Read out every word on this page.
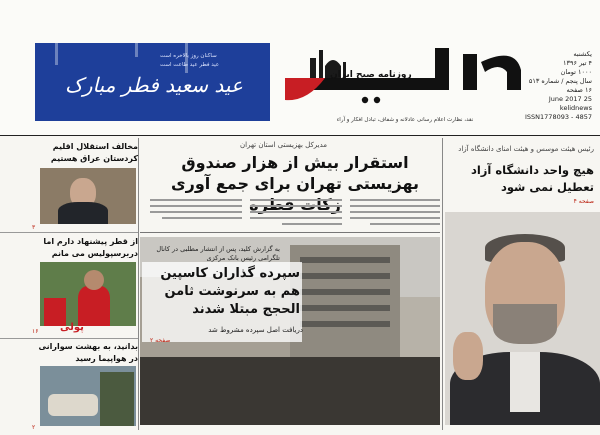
یکشنبه
۴ تیر ۱۳۹۶
۱۰۰۰ تومان
سال پنجم / شماره ۵۱۳
۱۶ صفحه
25 June 2017
kelidnews
ISSN1778093 - 4857
روزنامه صبح ایران
نقد، نظارت اعلام رسانی عادلانه و شفاف، تبادل افکار و آراء
ساکنان روز بالاخره است
عید فطر عید طاعت است
عید سعید فطر مبارک
مدیرکل بهزیستی استان تهران
استقرار بیش از هزار صندوق بهزیستی تهران برای جمع آوری
به گزارش کلید، پس از انتشار مطلبی در کانال تلگرامی رئیس بانک مرکزی
سپرده گذاران کاسپین هم به سرنوشت ثامن الحجج مبتلا شدند
دریافت اصل سپرده مشروط شد
صفحه ۲
رئیس هیئت موسس و هیئت امنای دانشگاه آزاد
هیچ واحد دانشگاه آزاد تعطیل نمی شود
صفحه ۴
مخالف استقلال اقلیم کردستان عراق هستیم
۳
از قطر پیشنهاد دارم اما دربرسپولیس می مانم
پولی
۱۶
بدانید، به بهشت سوارانی در هواپیما رسید
۲
